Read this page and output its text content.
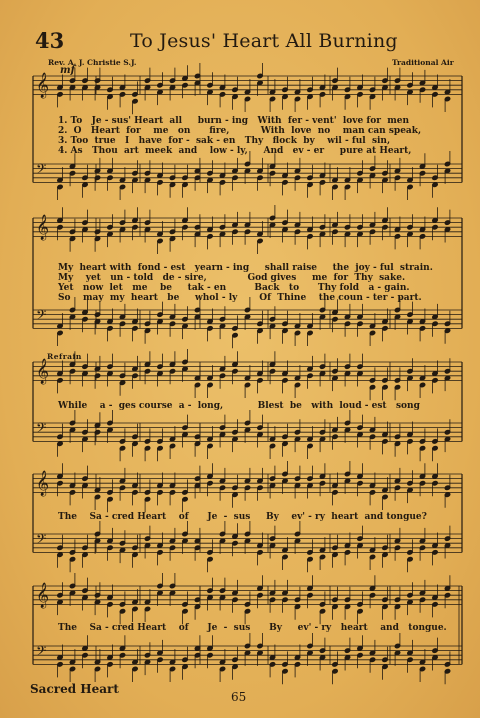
𝄞
𝄢
𝄞
𝄢
𝄞
𝄢
𝄞
𝄢
𝄞
𝄢
43	To Jesus' Heart All Burning
Rev. A. J. Christie S.J.	Traditional Air
mf
1. To   Je - sus' Heart  all     burn - ing   With  fer - vent'  love for  men
2.  O   Heart  for    me   on      fire,          With  love  no    man can speak,
3. Too  true   I   have  for -  sak - en   Thy   flock  by    wil - ful  sin,
4. As   Thou  art  meek  and    low - ly,     And   ev - er     pure at Heart,
My  heart with  fond - est   yearn - ing     shall raise     the  joy - ful  strain.
My    yet   un - told   de - sire,             God gives     me  for  Thy  sake.
Yet   now  let   me    be     tak - en         Back   to      Thy fold   a - gain.
So    may  my  heart   be     whol - ly       Of  Thine    the coun - ter - part.
Refrain
While    a -  ges course  a -  long,           Blest  be   with  loud - est   song
The    Sa - cred Heart    of      Je  -  sus     By    ev' - ry  heart  and tongue?
The    Sa - cred Heart    of      Je  -  sus      By     ev' - ry   heart    and   tongue.
Sacred Heart
65
